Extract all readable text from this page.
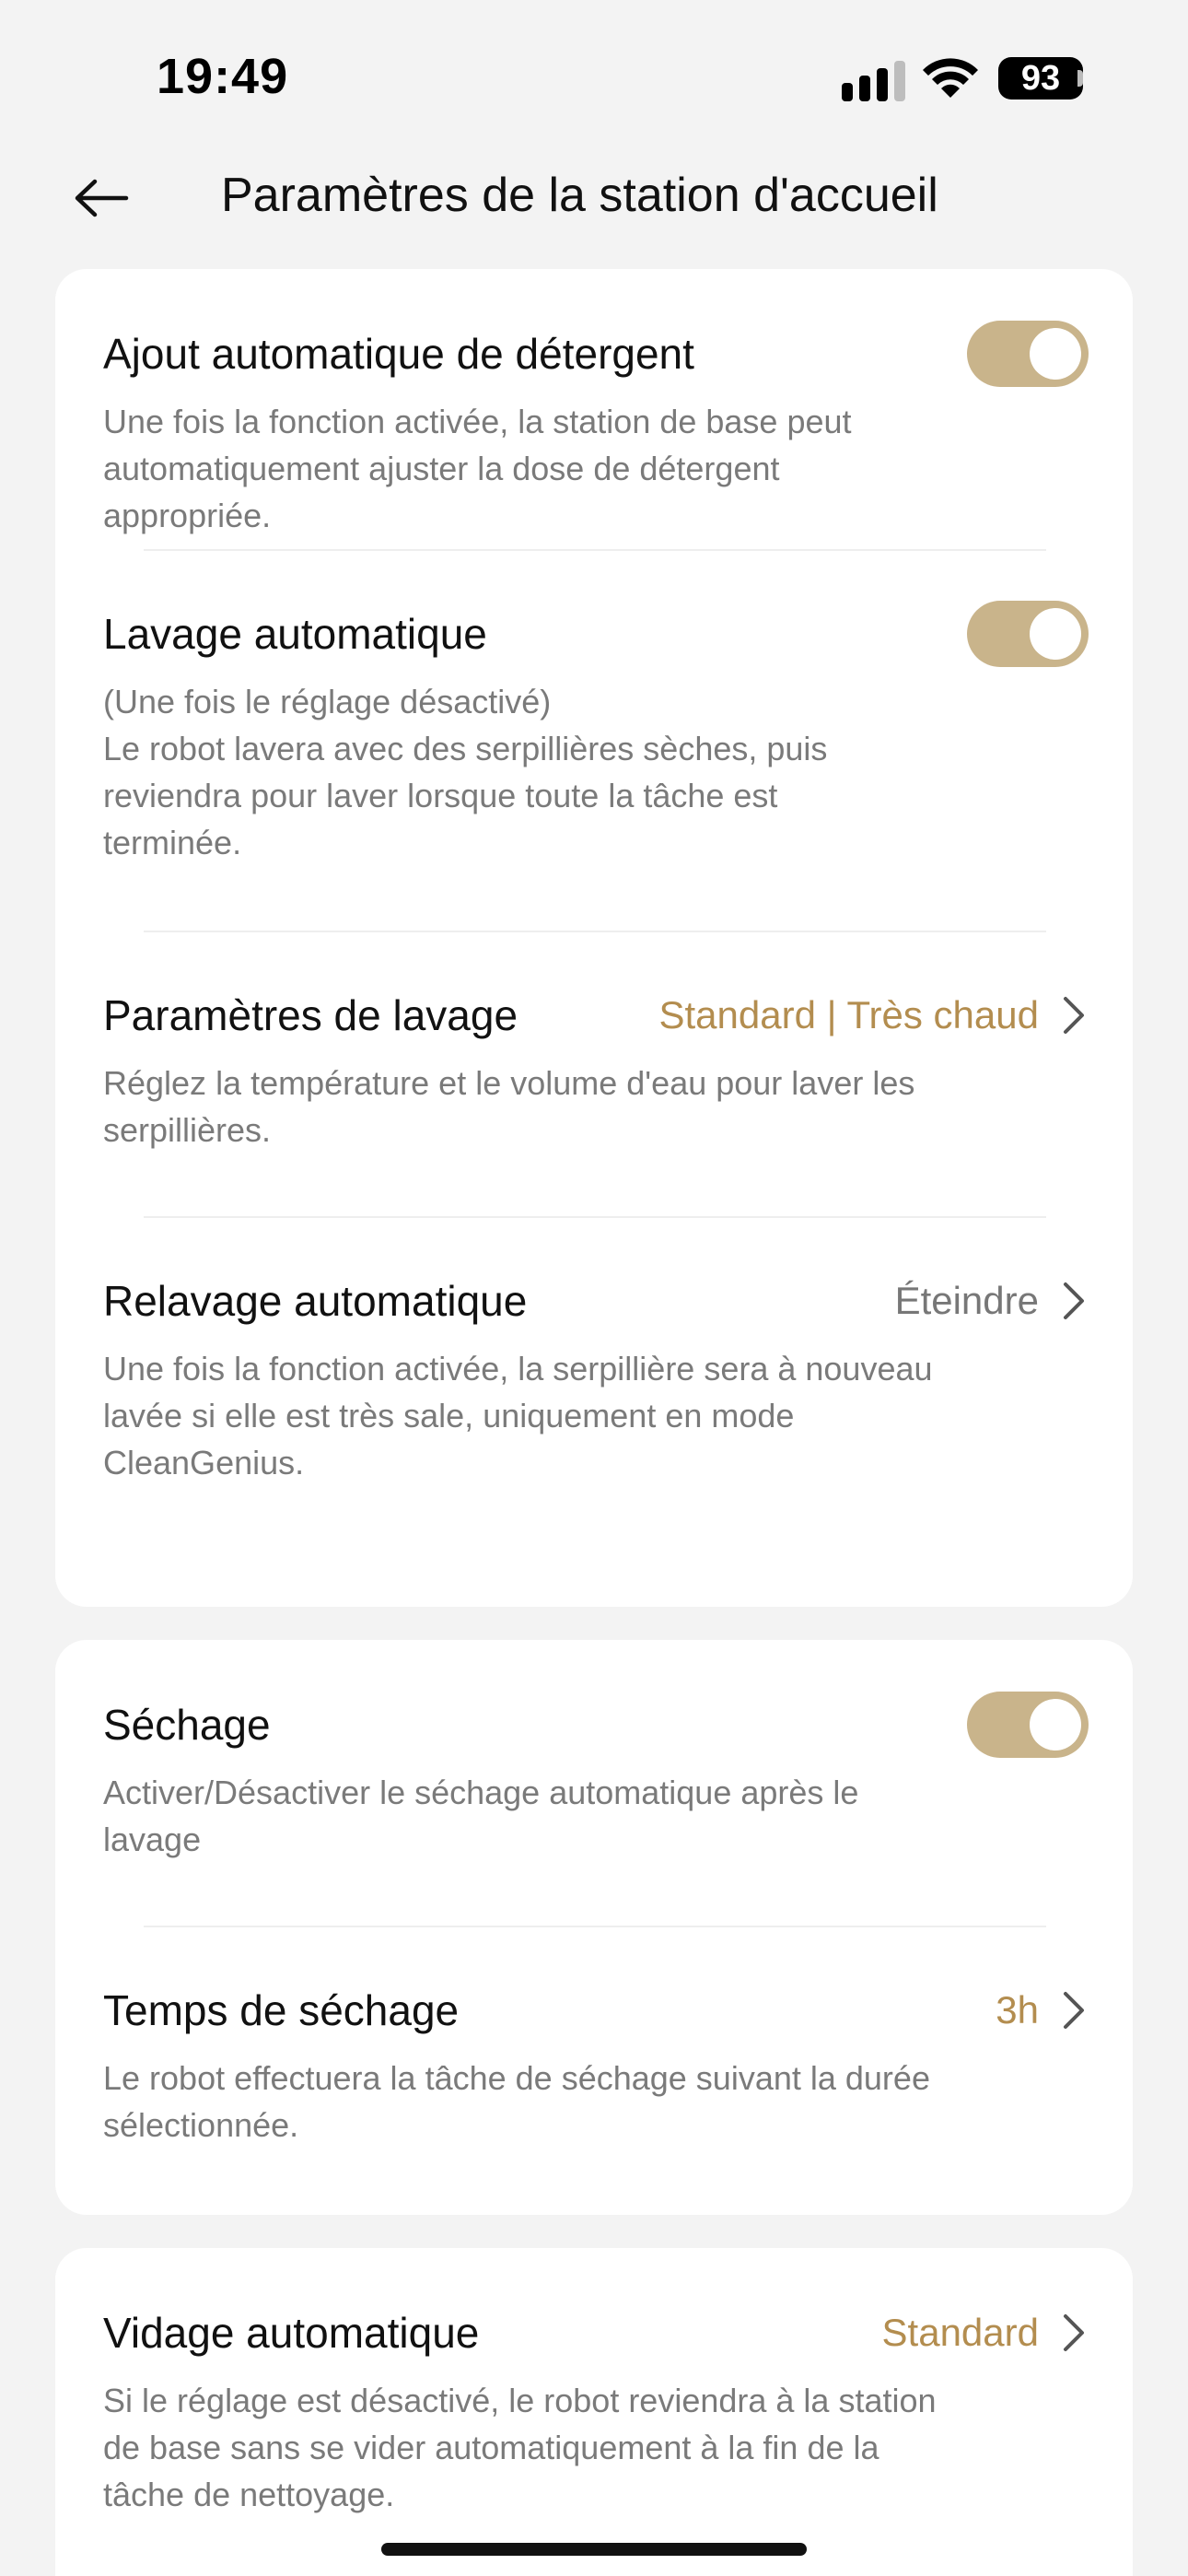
19:49	93
Paramètres de la station d'accueil
Ajout automatique de détergent
Une fois la fonction activée, la station de base peut
automatiquement ajuster la dose de détergent
appropriée.
Lavage automatique
(Une fois le réglage désactivé)
Le robot lavera avec des serpillières sèches, puis
reviendra pour laver lorsque toute la tâche est
terminée.
Paramètres de lavage	Standard | Très chaud
Réglez la température et le volume d'eau pour laver les
serpillières.
Relavage automatique	Éteindre
Une fois la fonction activée, la serpillière sera à nouveau
lavée si elle est très sale, uniquement en mode
CleanGenius.
Séchage
Activer/Désactiver le séchage automatique après le
lavage
Temps de séchage	3h
Le robot effectuera la tâche de séchage suivant la durée
sélectionnée.
Vidage automatique	Standard
Si le réglage est désactivé, le robot reviendra à la station
de base sans se vider automatiquement à la fin de la
tâche de nettoyage.
